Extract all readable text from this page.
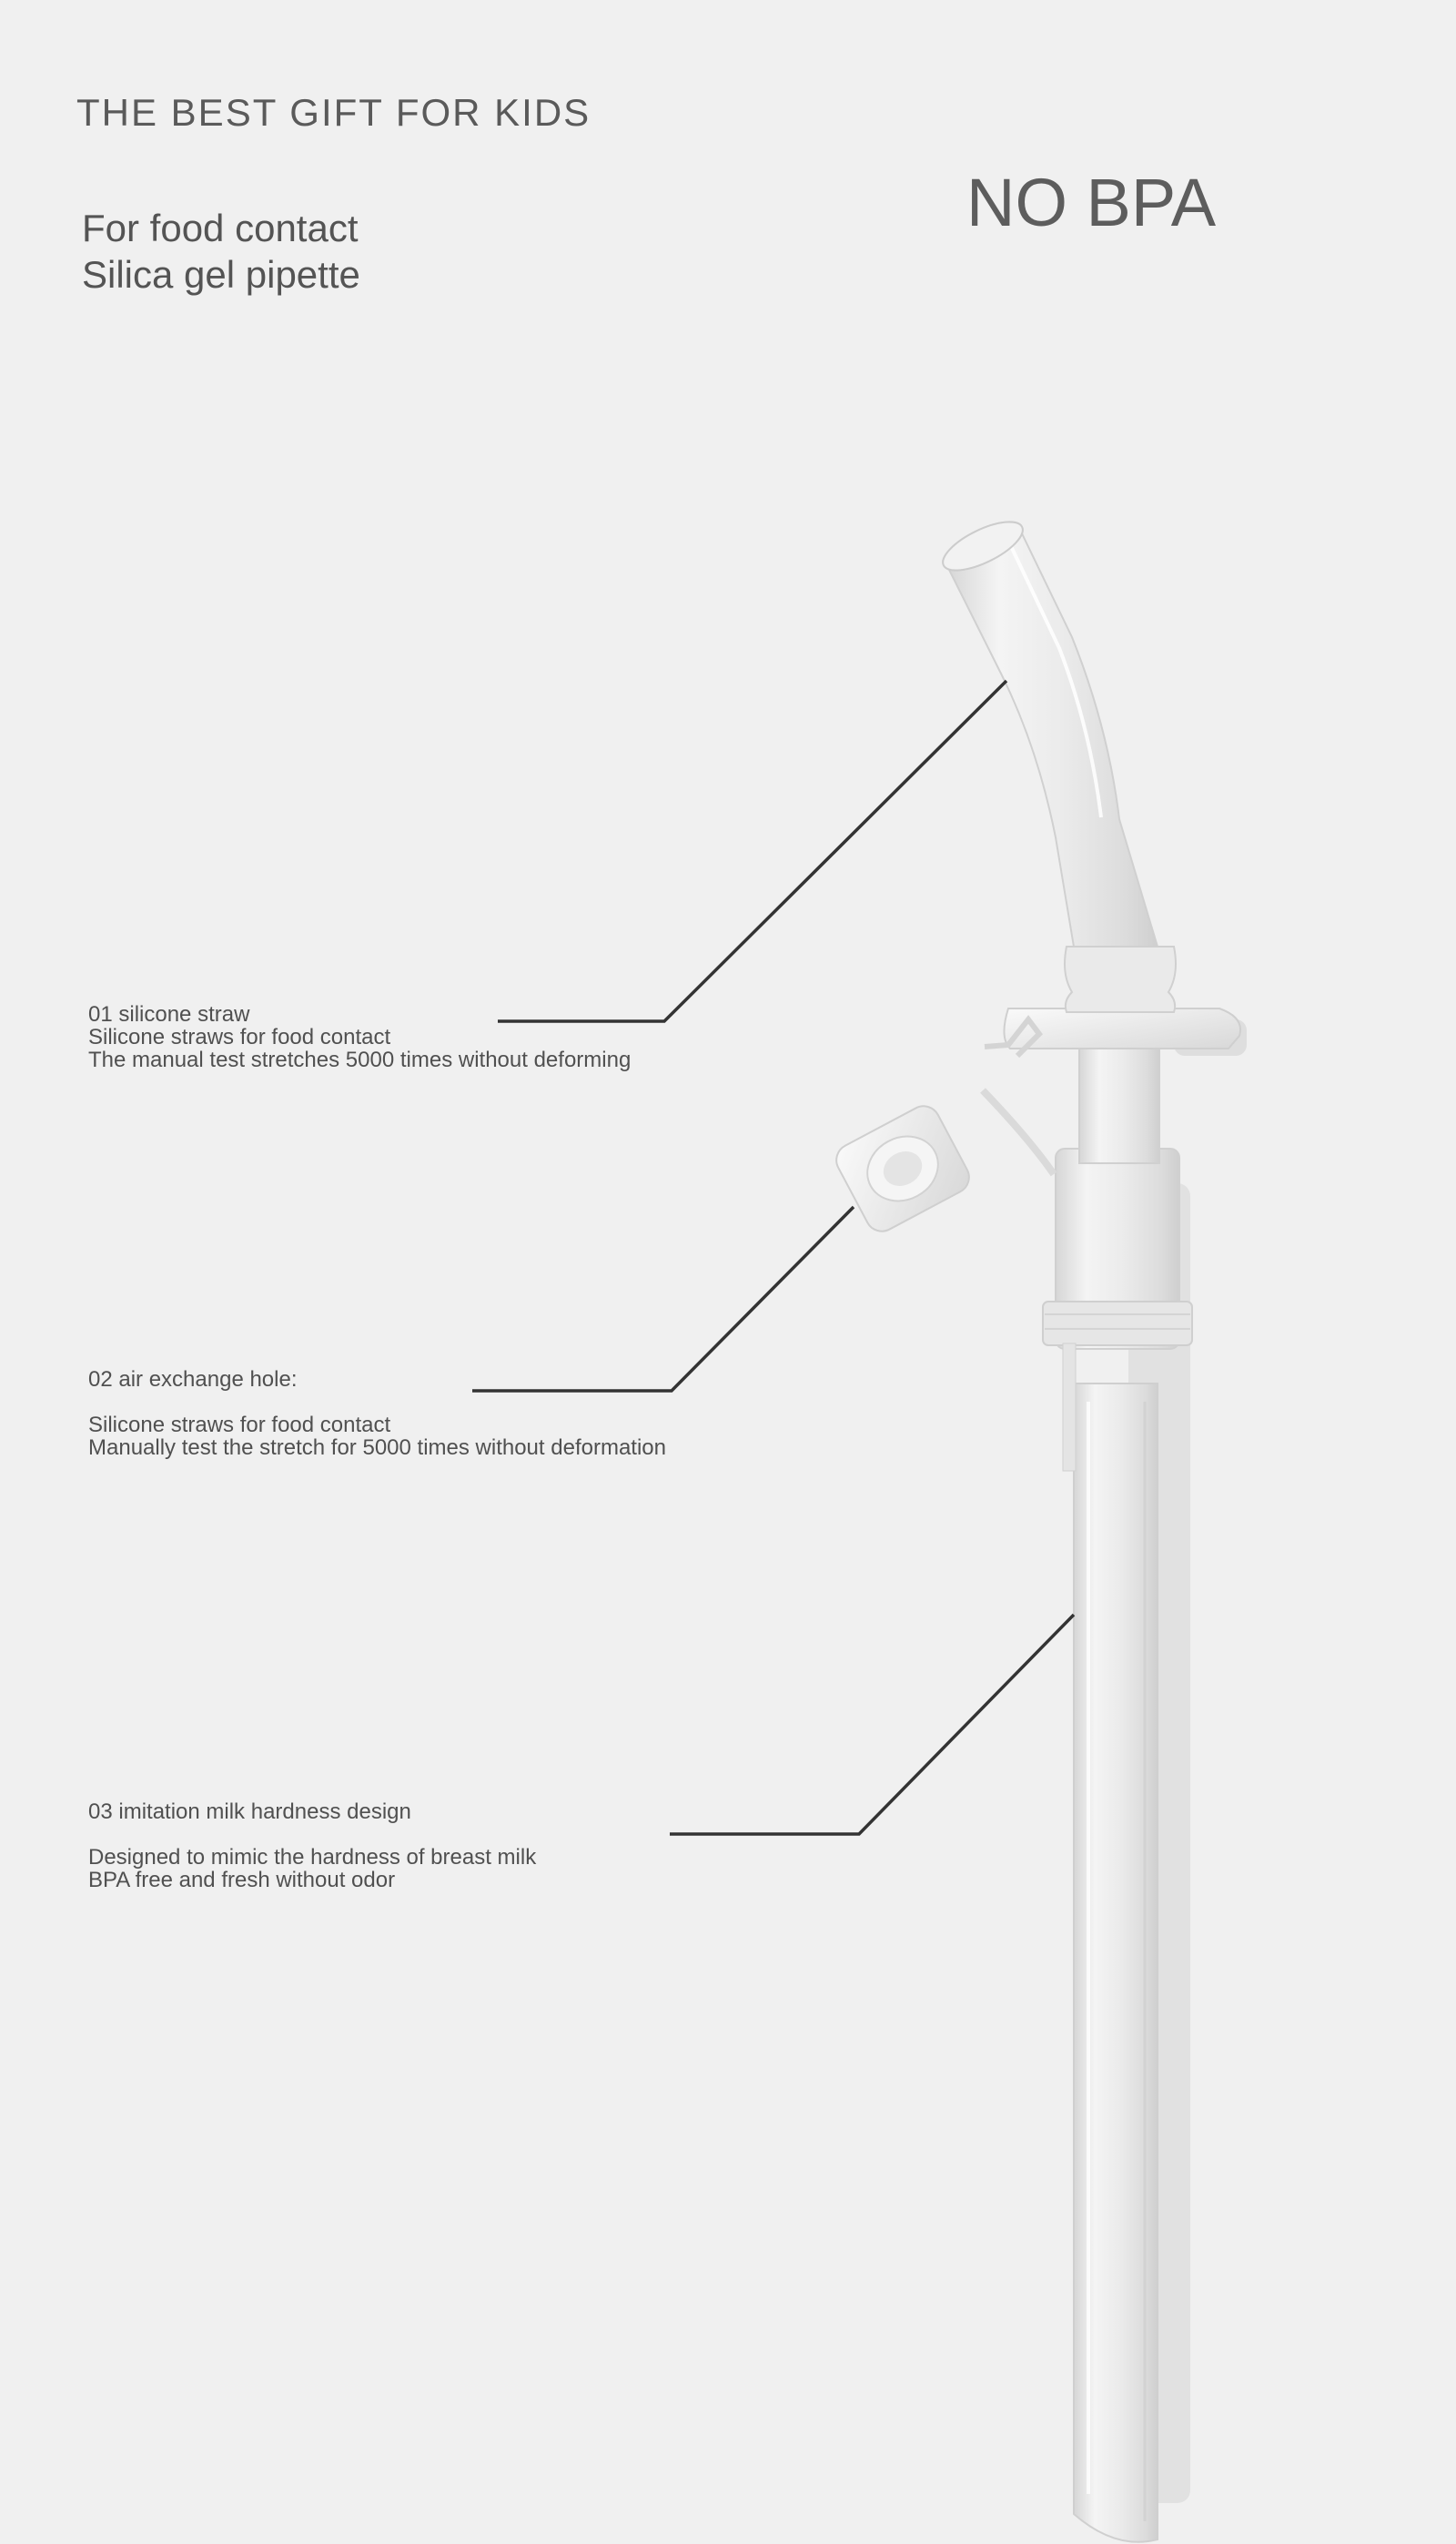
THE BEST GIFT FOR KIDS
For food contact
Silica gel pipette
NO BPA
01 silicone straw
Silicone straws for food contact
The manual test stretches 5000 times without deforming
02 air exchange hole:
Silicone straws for food contact
Manually test the stretch for 5000 times without deformation
03 imitation milk hardness design
Designed to mimic the hardness of breast milk
BPA free and fresh without odor
